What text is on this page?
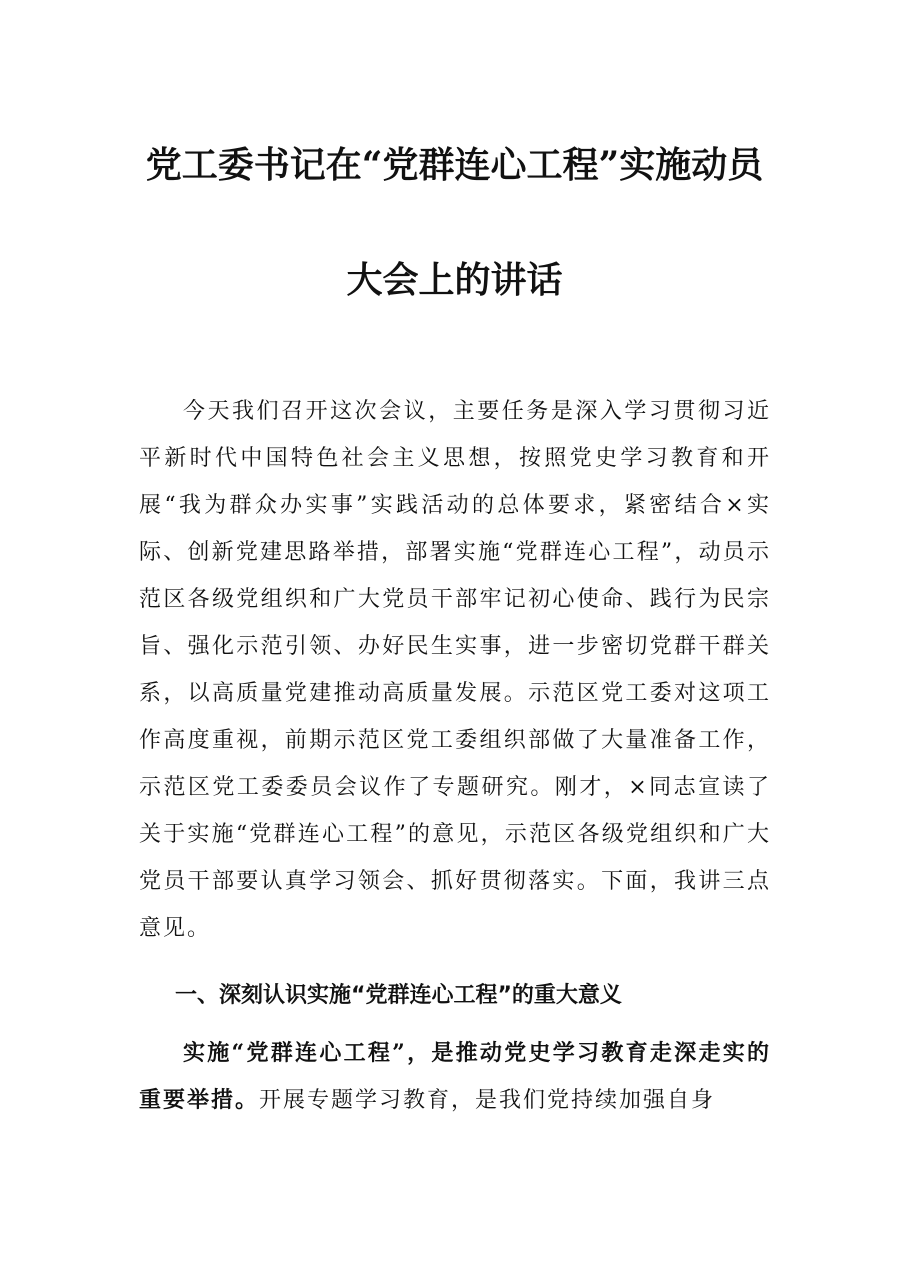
党工委书记在“党群连心工程”实施动员
大会上的讲话

今天我们召开这次会议，主要任务是深入学习贯彻习近平新时代中国特色社会主义思想，按照党史学习教育和开展“我为群众办实事”实践活动的总体要求，紧密结合×实际、创新党建思路举措，部署实施“党群连心工程”，动员示范区各级党组织和广大党员干部牢记初心使命、践行为民宗旨、强化示范引领、办好民生实事，进一步密切党群干群关系，以高质量党建推动高质量发展。示范区党工委对这项工作高度重视，前期示范区党工委组织部做了大量准备工作，示范区党工委委员会议作了专题研究。刚才，×同志宣读了关于实施“党群连心工程”的意见，示范区各级党组织和广大党员干部要认真学习领会、抓好贯彻落实。下面，我讲三点意见。

一、深刻认识实施“党群连心工程”的重大意义

实施“党群连心工程”，是推动党史学习教育走深走实的重要举措。开展专题学习教育，是我们党持续加强自身
